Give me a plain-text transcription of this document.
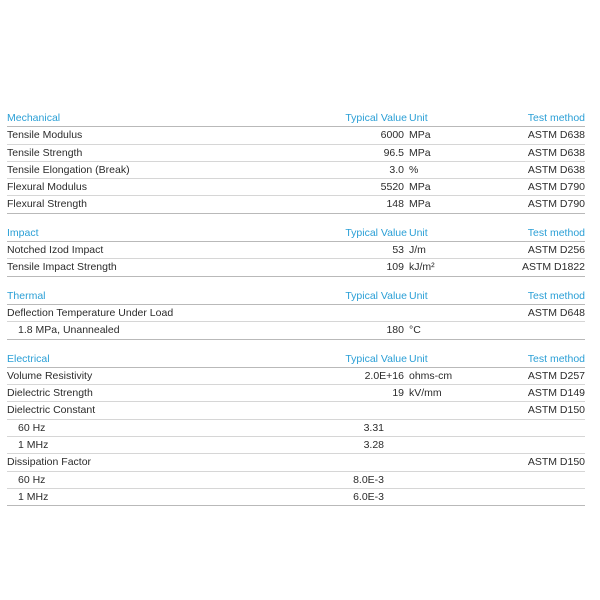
Mechanical	Typical Value Unit	Test method
Tensile Modulus	6000 MPa	ASTM D638
Tensile Strength	96.5 MPa	ASTM D638
Tensile Elongation (Break)	3.0 %	ASTM D638
Flexural Modulus	5520 MPa	ASTM D790
Flexural Strength	148 MPa	ASTM D790
Impact	Typical Value Unit	Test method
Notched Izod Impact	53 J/m	ASTM D256
Tensile Impact Strength	109 kJ/m²	ASTM D1822
Thermal	Typical Value Unit	Test method
Deflection Temperature Under Load	ASTM D648
1.8 MPa, Unannealed	180 °C
Electrical	Typical Value Unit	Test method
Volume Resistivity	2.0E+16 ohms-cm	ASTM D257
Dielectric Strength	19 kV/mm	ASTM D149
Dielectric Constant	ASTM D150
60 Hz	3.31
1 MHz	3.28
Dissipation Factor	ASTM D150
60 Hz	8.0E-3
1 MHz	6.0E-3
